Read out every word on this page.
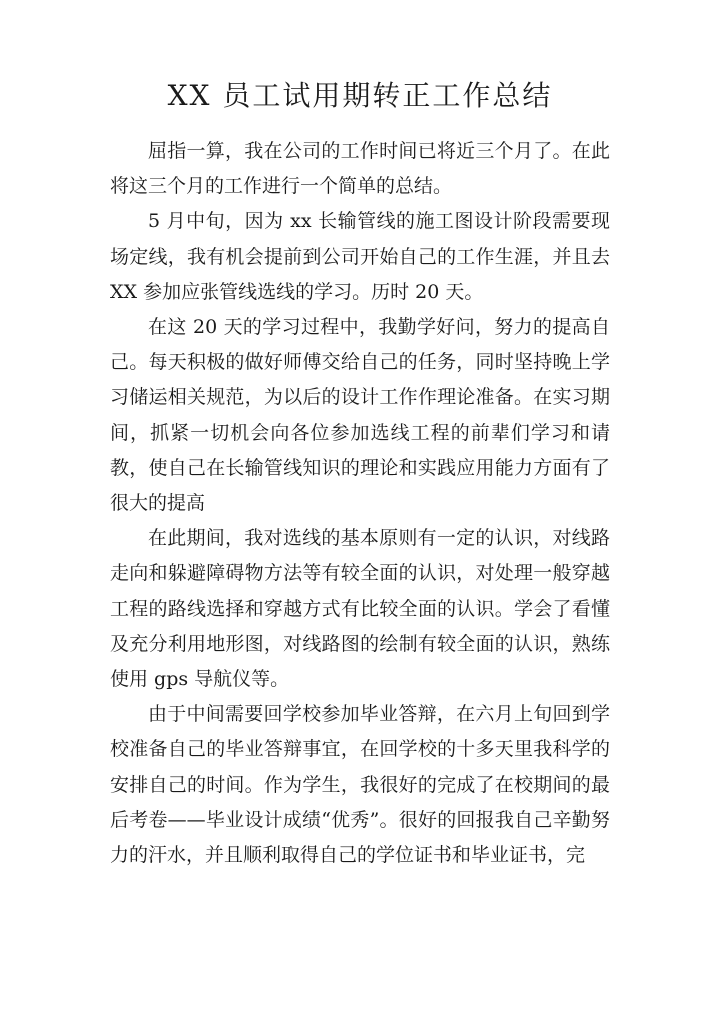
XX 员工试用期转正工作总结

屈指一算，我在公司的工作时间已将近三个月了。在此将这三个月的工作进行一个简单的总结。

5 月中旬，因为 xx 长输管线的施工图设计阶段需要现场定线，我有机会提前到公司开始自己的工作生涯，并且去 XX 参加应张管线选线的学习。历时 20 天。

在这 20 天的学习过程中，我勤学好问，努力的提高自己。每天积极的做好师傅交给自己的任务，同时坚持晚上学习储运相关规范，为以后的设计工作作理论准备。在实习期间，抓紧一切机会向各位参加选线工程的前辈们学习和请教，使自己在长输管线知识的理论和实践应用能力方面有了很大的提高

在此期间，我对选线的基本原则有一定的认识，对线路走向和躲避障碍物方法等有较全面的认识，对处理一般穿越工程的路线选择和穿越方式有比较全面的认识。学会了看懂及充分利用地形图，对线路图的绘制有较全面的认识，熟练使用 gps 导航仪等。

由于中间需要回学校参加毕业答辩，在六月上旬回到学校准备自己的毕业答辩事宜，在回学校的十多天里我科学的安排自己的时间。作为学生，我很好的完成了在校期间的最后考卷——毕业设计成绩“优秀”。很好的回报我自己辛勤努力的汗水，并且顺利取得自己的学位证书和毕业证书，完
